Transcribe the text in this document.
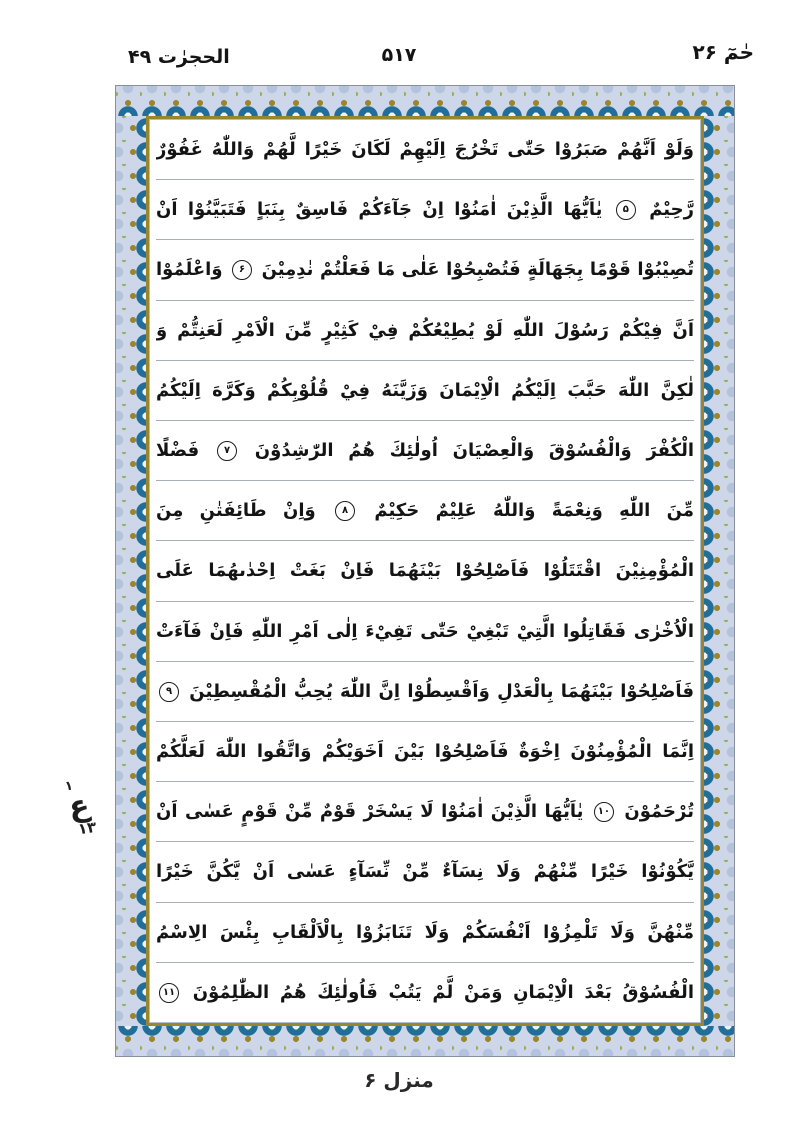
الحجرٰت ۴۹	۵۱۷	حٰمٓ ۲۶
وَلَوْ اَنَّهُمْ صَبَرُوْا حَتّٰى تَخْرُجَ اِلَيْهِمْ لَكَانَ خَيْرًا لَّهُمْ وَاللّٰهُ غَفُوْرٌ
رَّحِيْمٌ ۵ يٰاَيُّهَا الَّذِيْنَ اٰمَنُوْا اِنْ جَآءَكُمْ فَاسِقٌ بِنَبَاٍ فَتَبَيَّنُوْا اَنْ
تُصِيْبُوْا قَوْمًا بِجَهَالَةٍ فَتُصْبِحُوْا عَلٰى مَا فَعَلْتُمْ نٰدِمِيْنَ ۶ وَاعْلَمُوْا
اَنَّ فِيْكُمْ رَسُوْلَ اللّٰهِ لَوْ يُطِيْعُكُمْ فِيْ كَثِيْرٍ مِّنَ الْاَمْرِ لَعَنِتُّمْ وَ
لٰكِنَّ اللّٰهَ حَبَّبَ اِلَيْكُمُ الْاِيْمَانَ وَزَيَّنَهُ فِيْ قُلُوْبِكُمْ وَكَرَّهَ اِلَيْكُمُ
الْكُفْرَ وَالْفُسُوْقَ وَالْعِصْيَانَ اُولٰئِكَ هُمُ الرّٰشِدُوْنَ ۷ فَضْلًا
مِّنَ اللّٰهِ وَنِعْمَةً وَاللّٰهُ عَلِيْمٌ حَكِيْمٌ ۸ وَاِنْ طَائِفَتٰنِ مِنَ
الْمُؤْمِنِيْنَ اقْتَتَلُوْا فَاَصْلِحُوْا بَيْنَهُمَا فَاِنْ بَغَتْ اِحْدٰىهُمَا عَلَى
الْاُخْرٰى فَقَاتِلُوا الَّتِيْ تَبْغِيْ حَتّٰى تَفِيْءَ اِلٰى اَمْرِ اللّٰهِ فَاِنْ فَآءَتْ
فَاَصْلِحُوْا بَيْنَهُمَا بِالْعَدْلِ وَاَقْسِطُوْا اِنَّ اللّٰهَ يُحِبُّ الْمُقْسِطِيْنَ ۹
اِنَّمَا الْمُؤْمِنُوْنَ اِخْوَةٌ فَاَصْلِحُوْا بَيْنَ اَخَوَيْكُمْ وَاتَّقُوا اللّٰهَ لَعَلَّكُمْ
تُرْحَمُوْنَ ۱۰ يٰاَيُّهَا الَّذِيْنَ اٰمَنُوْا لَا يَسْخَرْ قَوْمٌ مِّنْ قَوْمٍ عَسٰى اَنْ
يَّكُوْنُوْا خَيْرًا مِّنْهُمْ وَلَا نِسَآءٌ مِّنْ نِّسَآءٍ عَسٰى اَنْ يَّكُنَّ خَيْرًا
مِّنْهُنَّ وَلَا تَلْمِزُوْا اَنْفُسَكُمْ وَلَا تَنَابَزُوْا بِالْاَلْقَابِ بِئْسَ الِاسْمُ
الْفُسُوْقُ بَعْدَ الْاِيْمَانِ وَمَنْ لَّمْ يَتُبْ فَاُولٰئِكَ هُمُ الظّٰلِمُوْنَ ۱۱
۱
ع
۱۳
منزل ۶
